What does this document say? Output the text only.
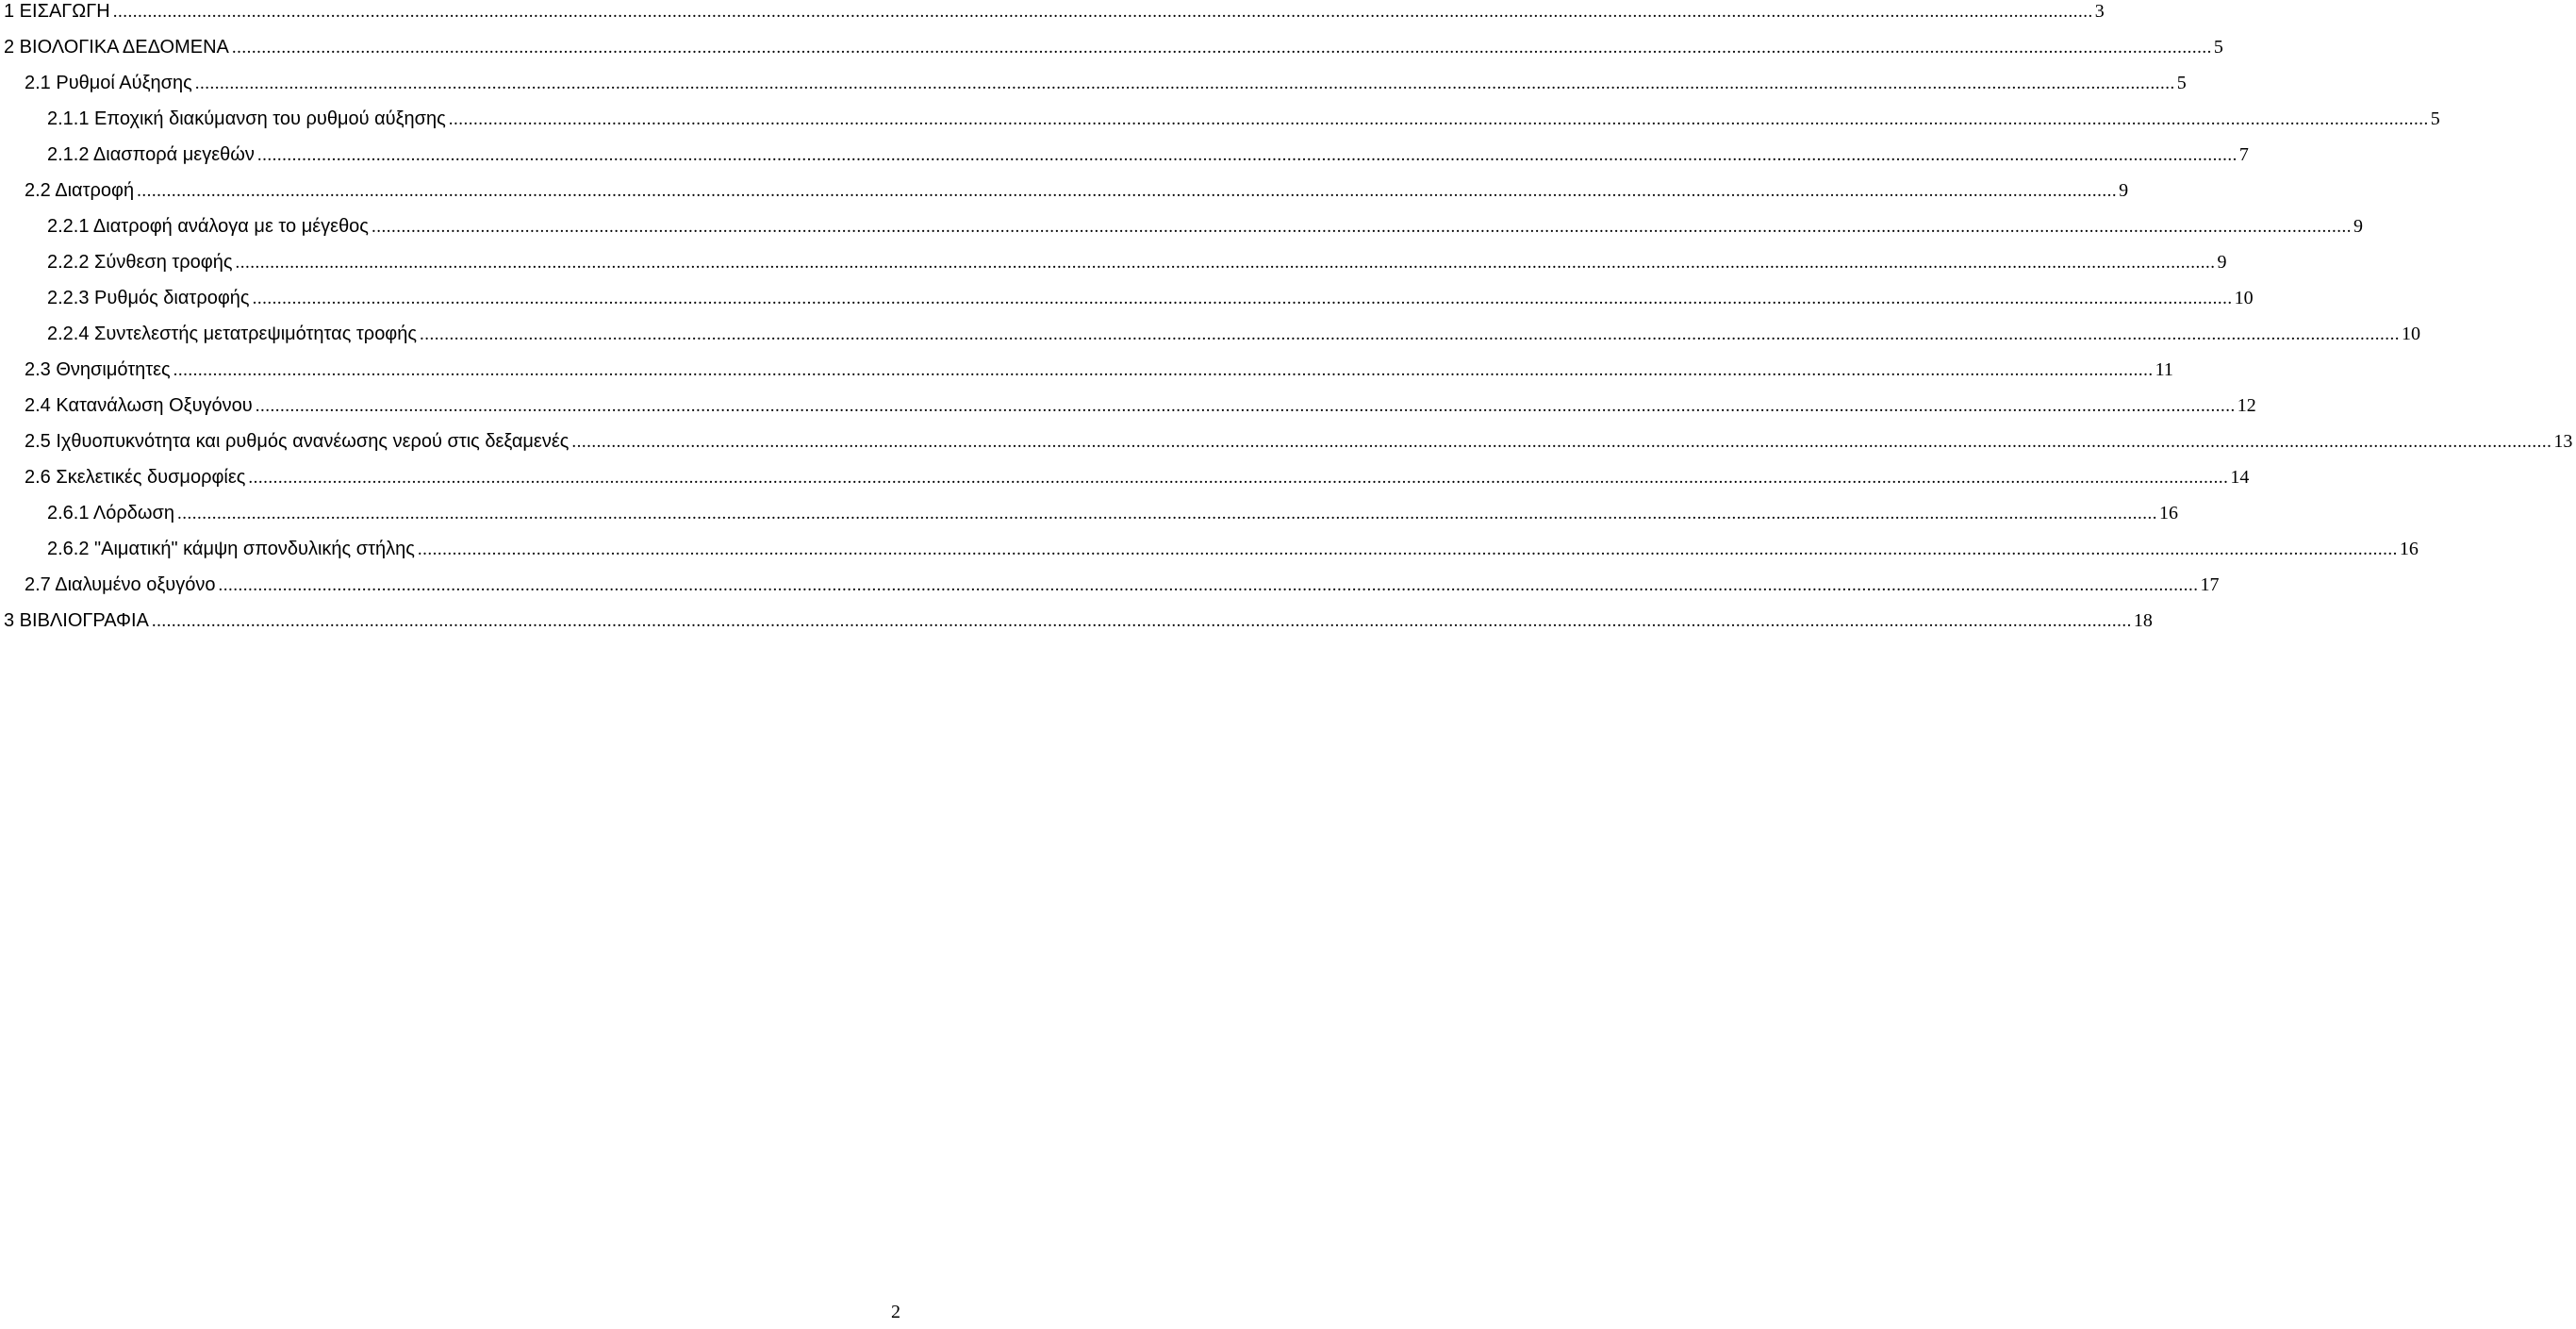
1 ΕΙΣΑΓΩΓΗ ................................................................................................................................................................................................................................................................................................................................................................................................................ 3
2 ΒΙΟΛΟΓΙΚΑ ΔΕΔΟΜΕΝΑ ................................................................................................................................................................................................................................................................................................................................................................................................................ 5
2.1 Ρυθμοί Αύξησης ................................................................................................................................................................................................................................................................................................................................................................................................................ 5
2.1.1 Εποχική διακύμανση του ρυθμού αύξησης ................................................................................................................................................................................................................................................................................................................................................................................................................ 5
2.1.2 Διασπορά μεγεθών ................................................................................................................................................................................................................................................................................................................................................................................................................ 7
2.2 Διατροφή ................................................................................................................................................................................................................................................................................................................................................................................................................ 9
2.2.1 Διατροφή ανάλογα με το μέγεθος ................................................................................................................................................................................................................................................................................................................................................................................................................ 9
2.2.2 Σύνθεση τροφής ................................................................................................................................................................................................................................................................................................................................................................................................................ 9
2.2.3 Ρυθμός διατροφής ................................................................................................................................................................................................................................................................................................................................................................................................................ 10
2.2.4 Συντελεστής μετατρεψιμότητας τροφής ................................................................................................................................................................................................................................................................................................................................................................................................................ 10
2.3 Θνησιμότητες ................................................................................................................................................................................................................................................................................................................................................................................................................ 11
2.4 Κατανάλωση Οξυγόνου ................................................................................................................................................................................................................................................................................................................................................................................................................ 12
2.5 Ιχθυοπυκνότητα και ρυθμός ανανέωσης νερού στις δεξαμενές ................................................................................................................................................................................................................................................................................................................................................................................................................ 13
2.6 Σκελετικές δυσμορφίες ................................................................................................................................................................................................................................................................................................................................................................................................................ 14
2.6.1 Λόρδωση ................................................................................................................................................................................................................................................................................................................................................................................................................ 16
2.6.2 "Αιματική" κάμψη σπονδυλικής στήλης ................................................................................................................................................................................................................................................................................................................................................................................................................ 16
2.7 Διαλυμένο οξυγόνο ................................................................................................................................................................................................................................................................................................................................................................................................................ 17
3 ΒΙΒΛΙΟΓΡΑΦΙΑ ................................................................................................................................................................................................................................................................................................................................................................................................................ 18
2
